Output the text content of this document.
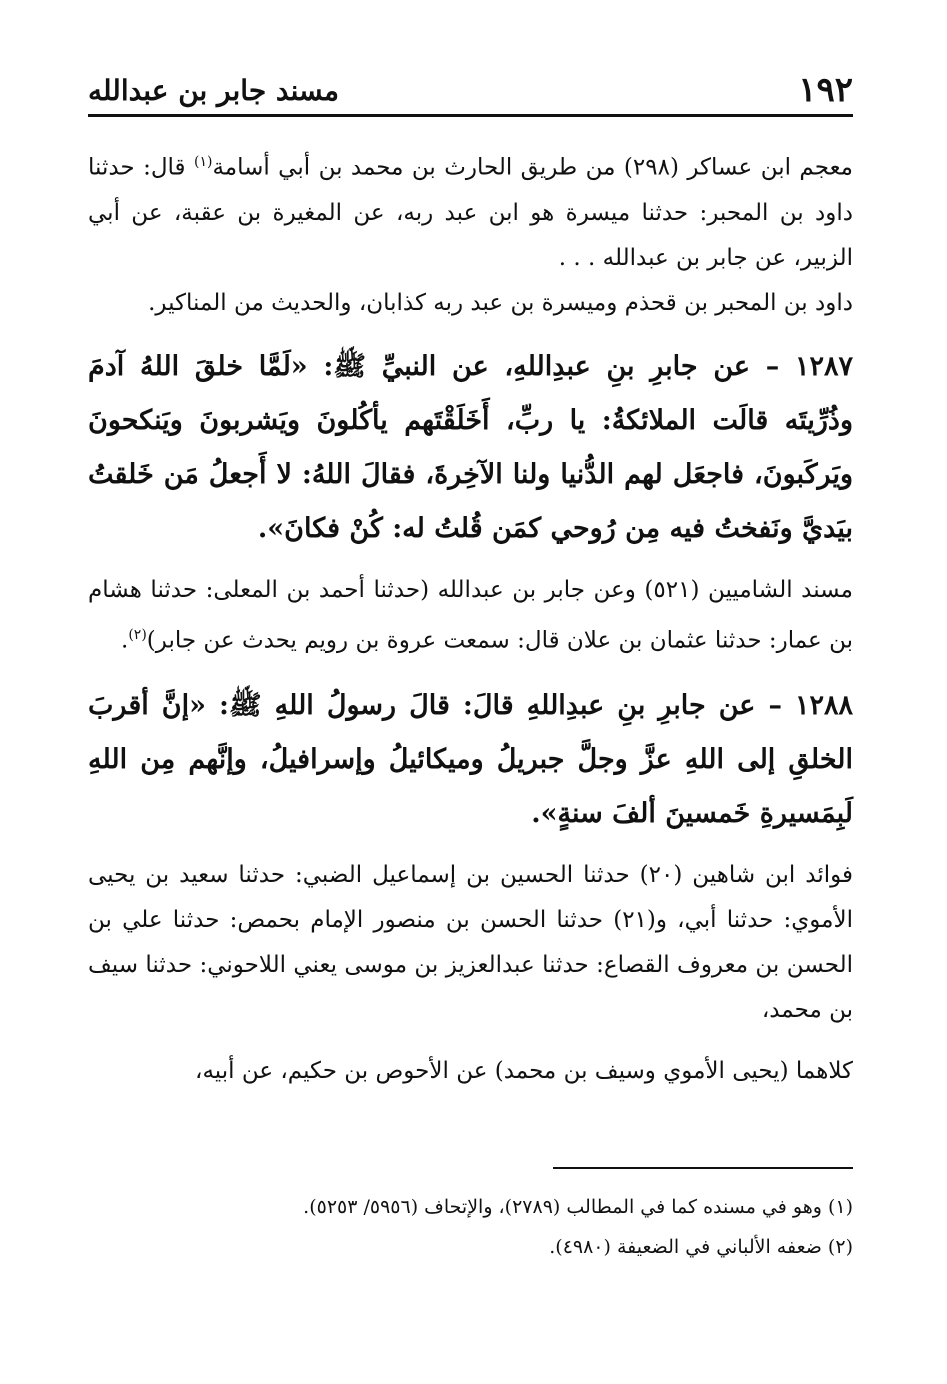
١٩٢
مسند جابر بن عبدالله

معجم ابن عساكر (٢٩٨) من طريق الحارث بن محمد بن أبي أسامة$^{(١)}$ قال: حدثنا داود بن المحبر: حدثنا ميسرة هو ابن عبد ربه، عن المغيرة بن عقبة، عن أبي الزبير، عن جابر بن عبدالله . . .

داود بن المحبر بن قحذم وميسرة بن عبد ربه كذابان، والحديث من المناكير.

١٢٨٧ – عن جابرِ بنِ عبدِاللهِ، عن النبيِّ ﷺ: «لَمَّا خلقَ اللهُ آدمَ وذُرِّيتَه قالَت الملائكةُ: يا ربِّ، أَخَلَقْتَهم يأكُلونَ ويَشربونَ ويَنكحونَ ويَركَبونَ، فاجعَل لهم الدُّنيا ولنا الآخِرةَ، فقالَ اللهُ: لا أَجعلُ مَن خَلقتُ بيَديَّ ونَفختُ فيه مِن رُوحي كمَن قُلتُ له: كُنْ فكانَ».

مسند الشاميين (٥٢١) وعن جابر بن عبدالله (حدثنا أحمد بن المعلى: حدثنا هشام بن عمار: حدثنا عثمان بن علان قال: سمعت عروة بن رويم يحدث عن جابر)$^{(٢)}$.

١٢٨٨ – عن جابرِ بنِ عبدِاللهِ قالَ: قالَ رسولُ اللهِ ﷺ: «إنَّ أقربَ الخلقِ إلى اللهِ عزَّ وجلَّ جبريلُ وميكائيلُ وإسرافيلُ، وإنَّهم مِن اللهِ لَبِمَسيرةِ خَمسينَ ألفَ سنةٍ».

فوائد ابن شاهين (٢٠) حدثنا الحسين بن إسماعيل الضبي: حدثنا سعيد بن يحيى الأموي: حدثنا أبي، و(٢١) حدثنا الحسن بن منصور الإمام بحمص: حدثنا علي بن الحسن بن معروف القصاع: حدثنا عبدالعزيز بن موسى يعني اللاحوني: حدثنا سيف بن محمد،

كلاهما (يحيى الأموي وسيف بن محمد) عن الأحوص بن حكيم، عن أبيه،

(١) وهو في مسنده كما في المطالب (٢٧٨٩)، والإتحاف (٥٩٥٦/ ٥٢٥٣).

(٢) ضعفه الألباني في الضعيفة (٤٩٨٠).
